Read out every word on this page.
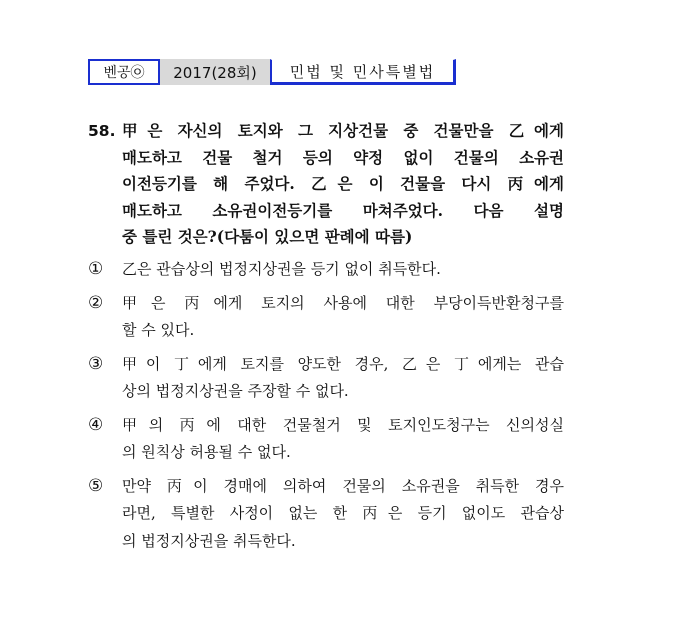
벤공㉧	2017(28회)	민법 및 민사특별법
58. 甲은 자신의 토지와 그 지상건물 중 건물만을 乙에게
매도하고 건물 철거 등의 약정 없이 건물의 소유권
이전등기를 해 주었다. 乙은 이 건물을 다시 丙에게
매도하고 소유권이전등기를 마쳐주었다. 다음 설명
중 틀린 것은?(다툼이 있으면 판례에 따름)
①	乙은 관습상의 법정지상권을 등기 없이 취득한다.
②	甲은 丙에게 토지의 사용에 대한 부당이득반환청구를
할 수 있다.
③	甲이 丁에게 토지를 양도한 경우, 乙은 丁에게는 관습
상의 법정지상권을 주장할 수 없다.
④	甲의 丙에 대한 건물철거 및 토지인도청구는 신의성실
의 원칙상 허용될 수 없다.
⑤	만약 丙이 경매에 의하여 건물의 소유권을 취득한 경우
라면, 특별한 사정이 없는 한 丙은 등기 없이도 관습상
의 법정지상권을 취득한다.
